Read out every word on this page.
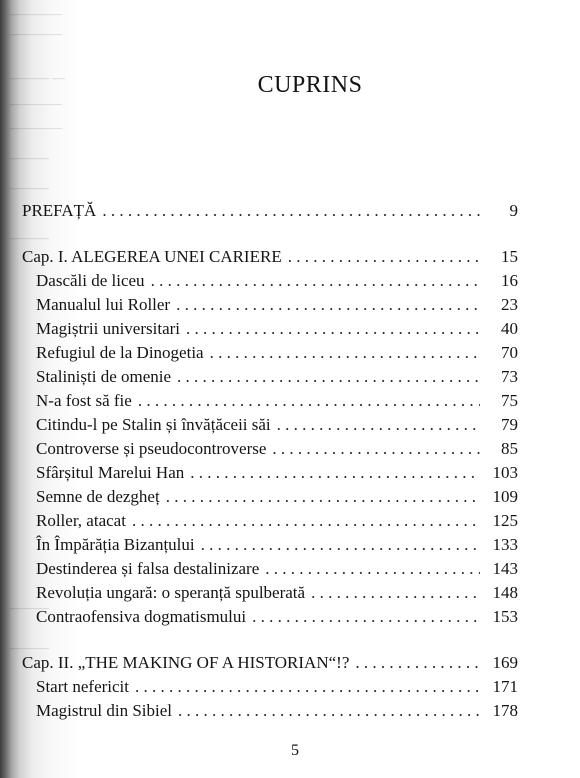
————
————
——— —
————
————
———
———
———
———
———
CUPRINS
PREFAȚĂ . . .	9
Cap. I. ALEGEREA UNEI CARIERE . . .	15
Dascăli de liceu . . .	16
Manualul lui Roller . . .	23
Magiștrii universitari . . .	40
Refugiul de la Dinogetia . . .	70
Staliniști de omenie . . .	73
N-a fost să fie . . .	75
Citindu-l pe Stalin și învățăceii săi . . .	79
Controverse și pseudocontroverse . . .	85
Sfârșitul Marelui Han . . .	103
Semne de dezgheț . . .	109
Roller, atacat . . .	125
În Împărăția Bizanțului . . .	133
Destinderea și falsa destalinizare . . .	143
Revoluția ungară: o speranță spulberată . . .	148
Contraofensiva dogmatismului . . .	153
Cap. II. „THE MAKING OF A HISTORIAN“!? . . .	169
Start nefericit . . .	171
Magistrul din Sibiel . . .	178
5
